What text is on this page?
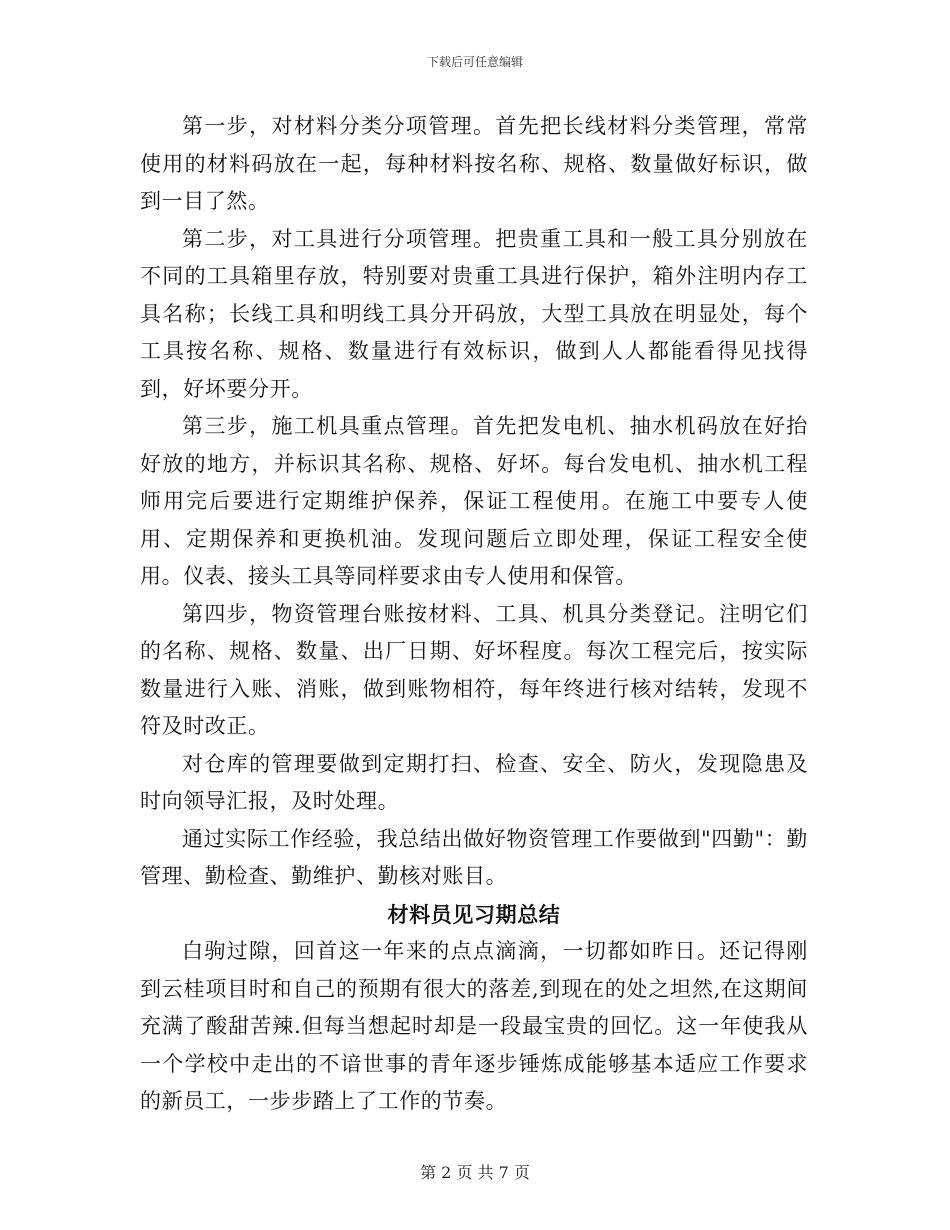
下载后可任意编辑

第一步，对材料分类分项管理。首先把长线材料分类管理，常常使用的材料码放在一起，每种材料按名称、规格、数量做好标识，做到一目了然。

第二步，对工具进行分项管理。把贵重工具和一般工具分别放在不同的工具箱里存放，特别要对贵重工具进行保护，箱外注明内存工具名称；长线工具和明线工具分开码放，大型工具放在明显处，每个工具按名称、规格、数量进行有效标识，做到人人都能看得见找得到，好坏要分开。

第三步，施工机具重点管理。首先把发电机、抽水机码放在好抬好放的地方，并标识其名称、规格、好坏。每台发电机、抽水机工程师用完后要进行定期维护保养，保证工程使用。在施工中要专人使用、定期保养和更换机油。发现问题后立即处理，保证工程安全使用。仪表、接头工具等同样要求由专人使用和保管。

第四步，物资管理台账按材料、工具、机具分类登记。注明它们的名称、规格、数量、出厂日期、好坏程度。每次工程完后，按实际数量进行入账、消账，做到账物相符，每年终进行核对结转，发现不符及时改正。

对仓库的管理要做到定期打扫、检查、安全、防火，发现隐患及时向领导汇报，及时处理。

通过实际工作经验，我总结出做好物资管理工作要做到"四勤"：勤管理、勤检查、勤维护、勤核对账目。

材料员见习期总结

白驹过隙，回首这一年来的点点滴滴，一切都如昨日。还记得刚到云桂项目时和自己的预期有很大的落差,到现在的处之坦然,在这期间充满了酸甜苦辣.但每当想起时却是一段最宝贵的回忆。这一年使我从一个学校中走出的不谙世事的青年逐步锤炼成能够基本适应工作要求的新员工，一步步踏上了工作的节奏。

第 2 页 共 7 页
